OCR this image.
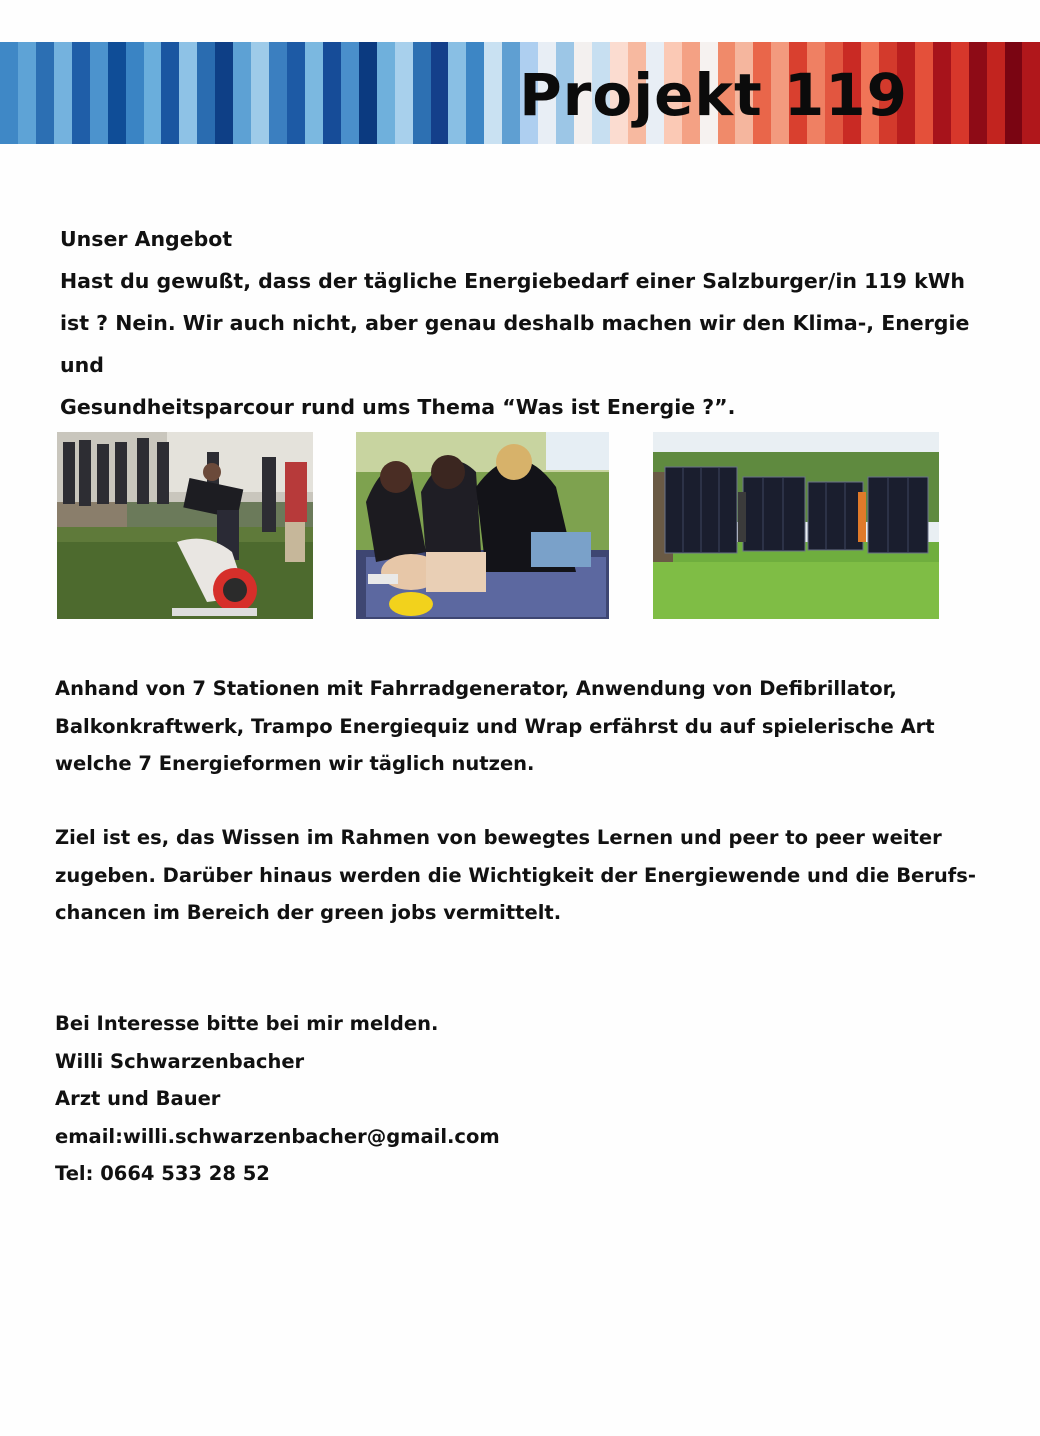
Projekt 119

Unser Angebot

Hast du gewußt, dass der tägliche Energiebedarf einer Salzburger/in 119 kWh

ist ? Nein. Wir auch nicht, aber genau deshalb machen wir den Klima-, Energie und

Gesundheitsparcour rund ums Thema “Was ist Energie ?”.

Anhand von 7 Stationen mit Fahrradgenerator, Anwendung von Defibrillator,

Balkonkraftwerk, Trampo Energiequiz und Wrap erfährst du auf spielerische Art

welche 7 Energieformen wir täglich nutzen.

Ziel ist es, das Wissen im Rahmen von bewegtes Lernen und peer to peer weiter

zugeben. Darüber hinaus werden die Wichtigkeit der Energiewende und die Berufs-

chancen im Bereich der green jobs vermittelt.

Bei Interesse bitte bei mir melden.
Willi Schwarzenbacher
Arzt und Bauer
email:willi.schwarzenbacher@gmail.com
Tel: 0664 533 28 52
